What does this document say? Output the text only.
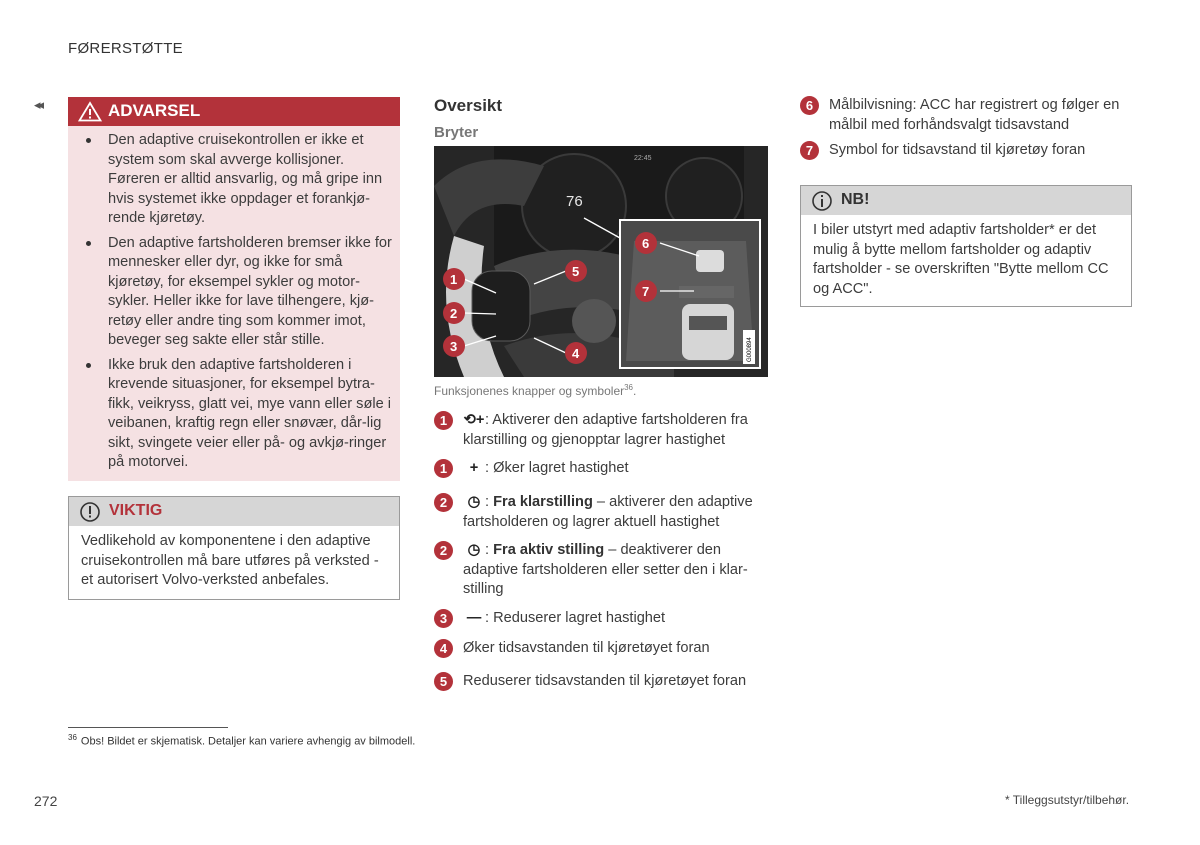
FØRERSTØTTE
◂◂	ADVARSEL
Den adaptive cruisekontrollen er ikke et system som skal avverge kollisjoner. Føreren er alltid ansvarlig, og må gripe inn hvis systemet ikke oppdager et forankjø-rende kjøretøy.
Den adaptive fartsholderen bremser ikke for mennesker eller dyr, og ikke for små kjøretøy, for eksempel sykler og motor-sykler. Heller ikke for lave tilhengere, kjø-retøy eller andre ting som kommer imot, beveger seg sakte eller står stille.
Ikke bruk den adaptive fartsholderen i krevende situasjoner, for eksempel bytra-fikk, veikryss, glatt vei, mye vann eller søle i veibanen, kraftig regn eller snøvær, dår-lig sikt, svingete veier eller på- og avkjø-ringer på motorvei.
VIKTIG
Vedlikehold av komponentene i den adaptive cruisekontrollen må bare utføres på verksted - et autorisert Volvo-verksted anbefales.
Oversikt
Bryter
76
22:45
G000894
1
2
3	4
5
6
7
Funksjonenes knapper og symboler$^{36}$.
1	⟲+: Aktiverer den adaptive fartsholderen fra klarstilling og gjenopptar lagrer hastighet
1	+ : Øker lagret hastighet
2	◷ : Fra klarstilling – aktiverer den adaptive fartsholderen og lagrer aktuell hastighet
2	◷ : Fra aktiv stilling – deaktiverer den adaptive fartsholderen eller setter den i klar-stilling
3	— : Reduserer lagret hastighet
4	Øker tidsavstanden til kjøretøyet foran
5	Reduserer tidsavstanden til kjøretøyet foran
6	Målbilvisning: ACC har registrert og følger en målbil med forhåndsvalgt tidsavstand
7	Symbol for tidsavstand til kjøretøy foran
NB!
I biler utstyrt med adaptiv fartsholder* er det mulig å bytte mellom fartsholder og adaptiv fartsholder - se overskriften "Bytte mellom CC og ACC".
$^{36}$ Obs! Bildet er skjematisk. Detaljer kan variere avhengig av bilmodell.
272	* Tilleggsutstyr/tilbehør.
